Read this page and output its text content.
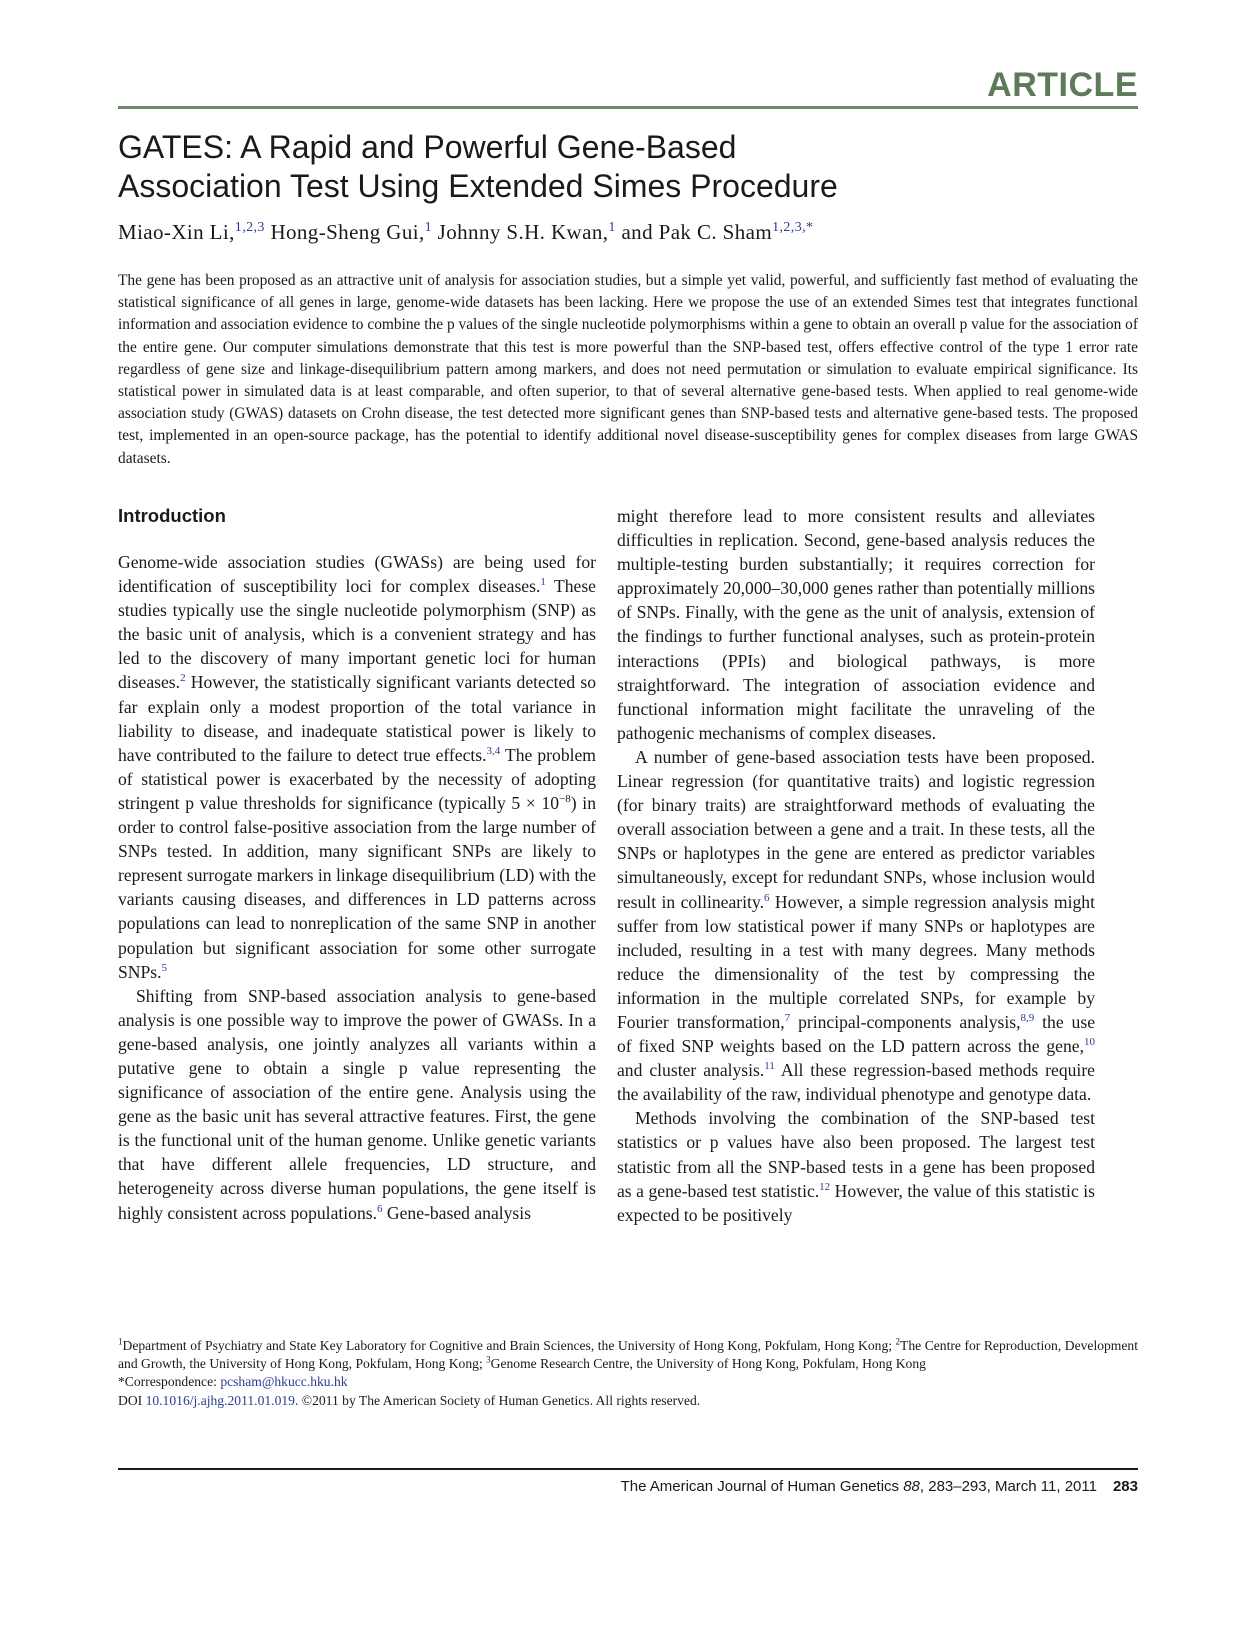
ARTICLE
GATES: A Rapid and Powerful Gene-Based
Association Test Using Extended Simes Procedure
Miao-Xin Li,$^{1,2,3}$ Hong-Sheng Gui,$^1$ Johnny S.H. Kwan,$^1$ and Pak C. Sham$^{1,2,3,*}$

The gene has been proposed as an attractive unit of analysis for association studies, but a simple yet valid, powerful, and sufficiently fast method of evaluating the statistical significance of all genes in large, genome-wide datasets has been lacking. Here we propose the use of an extended Simes test that integrates functional information and association evidence to combine the p values of the single nucleotide polymorphisms within a gene to obtain an overall p value for the association of the entire gene. Our computer simulations demonstrate that this test is more powerful than the SNP-based test, offers effective control of the type 1 error rate regardless of gene size and linkage-disequilibrium pattern among markers, and does not need permutation or simulation to evaluate empirical significance. Its statistical power in simulated data is at least comparable, and often superior, to that of several alternative gene-based tests. When applied to real genome-wide association study (GWAS) datasets on Crohn disease, the test detected more significant genes than SNP-based tests and alternative gene-based tests. The proposed test, implemented in an open-source package, has the potential to identify additional novel disease-susceptibility genes for complex diseases from large GWAS datasets.

Introduction

Genome-wide association studies (GWASs) are being used for identification of susceptibility loci for complex diseases.$^1$ These studies typically use the single nucleotide polymorphism (SNP) as the basic unit of analysis, which is a convenient strategy and has led to the discovery of many important genetic loci for human diseases.$^2$ However, the statistically significant variants detected so far explain only a modest proportion of the total variance in liability to disease, and inadequate statistical power is likely to have contributed to the failure to detect true effects.$^{3,4}$ The problem of statistical power is exacerbated by the necessity of adopting stringent p value thresholds for significance (typically $5 \times 10^{-8}$) in order to control false-positive association from the large number of SNPs tested. In addition, many significant SNPs are likely to represent surrogate markers in linkage disequilibrium (LD) with the variants causing diseases, and differences in LD patterns across populations can lead to nonreplication of the same SNP in another population but significant association for some other surrogate SNPs.$^5$

Shifting from SNP-based association analysis to gene-based analysis is one possible way to improve the power of GWASs. In a gene-based analysis, one jointly analyzes all variants within a putative gene to obtain a single p value representing the significance of association of the entire gene. Analysis using the gene as the basic unit has several attractive features. First, the gene is the functional unit of the human genome. Unlike genetic variants that have different allele frequencies, LD structure, and heterogeneity across diverse human populations, the gene itself is highly consistent across populations.$^6$ Gene-based analysis

might therefore lead to more consistent results and alleviates difficulties in replication. Second, gene-based analysis reduces the multiple-testing burden substantially; it requires correction for approximately 20,000–30,000 genes rather than potentially millions of SNPs. Finally, with the gene as the unit of analysis, extension of the findings to further functional analyses, such as protein-protein interactions (PPIs) and biological pathways, is more straightforward. The integration of association evidence and functional information might facilitate the unraveling of the pathogenic mechanisms of complex diseases.

A number of gene-based association tests have been proposed. Linear regression (for quantitative traits) and logistic regression (for binary traits) are straightforward methods of evaluating the overall association between a gene and a trait. In these tests, all the SNPs or haplotypes in the gene are entered as predictor variables simultaneously, except for redundant SNPs, whose inclusion would result in collinearity.$^6$ However, a simple regression analysis might suffer from low statistical power if many SNPs or haplotypes are included, resulting in a test with many degrees. Many methods reduce the dimensionality of the test by compressing the information in the multiple correlated SNPs, for example by Fourier transformation,$^7$ principal-components analysis,$^{8,9}$ the use of fixed SNP weights based on the LD pattern across the gene,$^{10}$ and cluster analysis.$^{11}$ All these regression-based methods require the availability of the raw, individual phenotype and genotype data.

Methods involving the combination of the SNP-based test statistics or p values have also been proposed. The largest test statistic from all the SNP-based tests in a gene has been proposed as a gene-based test statistic.$^{12}$ However, the value of this statistic is expected to be positively

$^1$Department of Psychiatry and State Key Laboratory for Cognitive and Brain Sciences, the University of Hong Kong, Pokfulam, Hong Kong; $^2$The Centre for Reproduction, Development and Growth, the University of Hong Kong, Pokfulam, Hong Kong; $^3$Genome Research Centre, the University of Hong Kong, Pokfulam, Hong Kong

*Correspondence: pcsham@hkucc.hku.hk

DOI 10.1016/j.ajhg.2011.01.019. ©2011 by The American Society of Human Genetics. All rights reserved.

The American Journal of Human Genetics 88, 283–293, March 11, 2011 283
